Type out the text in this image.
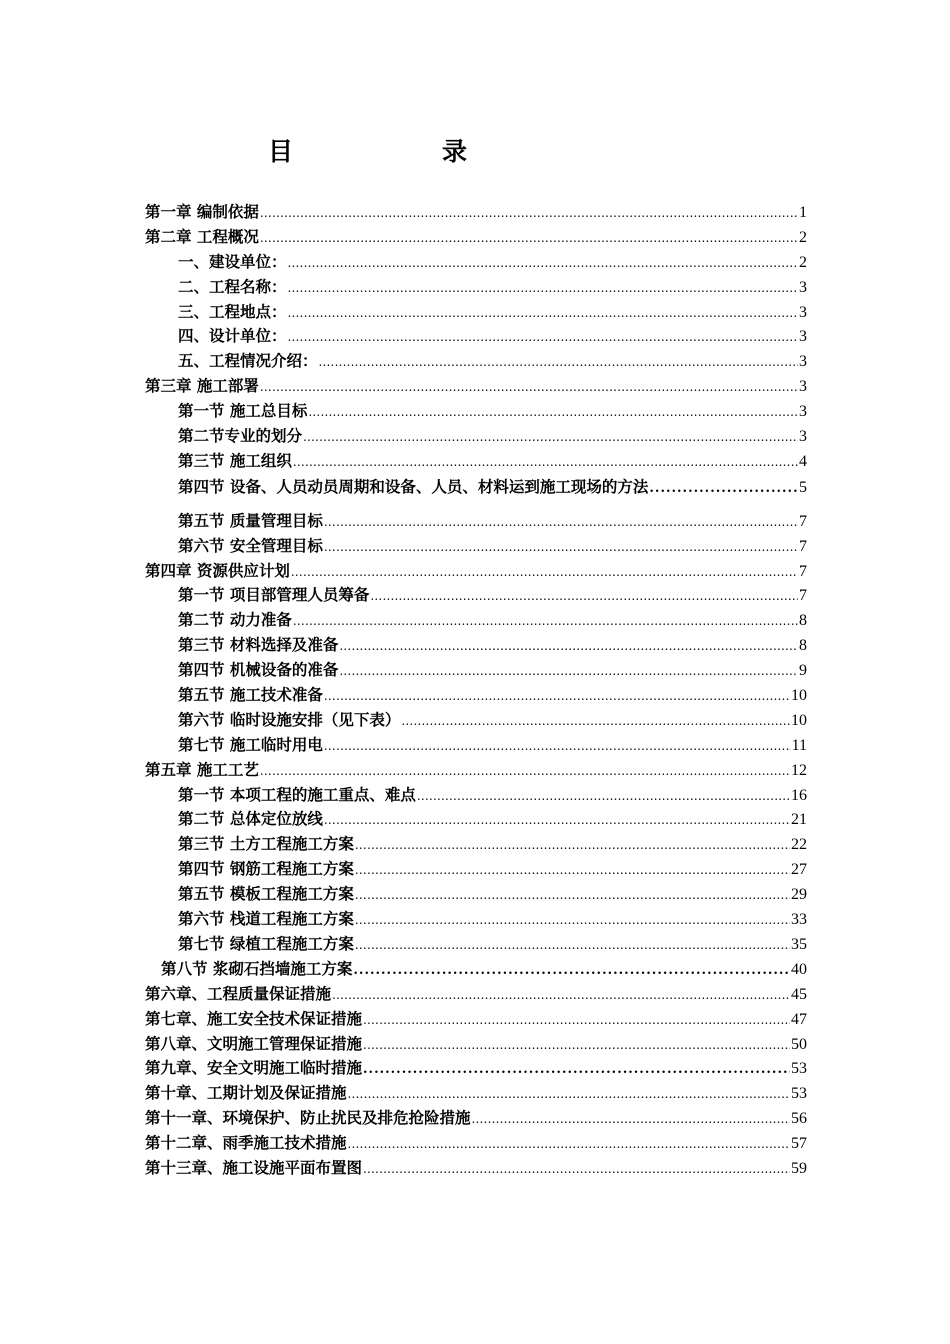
目　录
第一章 编制依据 .....	1
第二章 工程概况 .....	2
一、建设单位： .....	2
二、工程名称： .....	3
三、工程地点： .....	3
四、设计单位： .....	3
五、工程情况介绍： .....	3
第三章 施工部署 .....	3
第一节 施工总目标 .....	3
第二节专业的划分 .....	3
第三节 施工组织 .....	4
第四节 设备、人员动员周期和设备、人员、材料运到施工现场的方法 .....	5
第五节 质量管理目标 .....	7
第六节 安全管理目标 .....	7
第四章 资源供应计划 .....	7
第一节 项目部管理人员筹备 .....	7
第二节 动力准备 .....	8
第三节 材料选择及准备 .....	8
第四节 机械设备的准备 .....	9
第五节 施工技术准备 .....	10
第六节 临时设施安排（见下表） .....	10
第七节 施工临时用电 .....	11
第五章 施工工艺 .....	12
第一节 本项工程的施工重点、难点 .....	16
第二节 总体定位放线 .....	21
第三节 土方工程施工方案 .....	22
第四节 钢筋工程施工方案 .....	27
第五节 模板工程施工方案 .....	29
第六节 栈道工程施工方案 .....	33
第七节 绿植工程施工方案 .....	35
第八节 浆砌石挡墙施工方案 .....	40
第六章、工程质量保证措施 .....	45
第七章、施工安全技术保证措施 .....	47
第八章、文明施工管理保证措施 .....	50
第九章、安全文明施工临时措施 .....	53
第十章、工期计划及保证措施 .....	53
第十一章、环境保护、防止扰民及排危抢险措施 .....	56
第十二章、雨季施工技术措施 .....	57
第十三章、施工设施平面布置图 .....	59
